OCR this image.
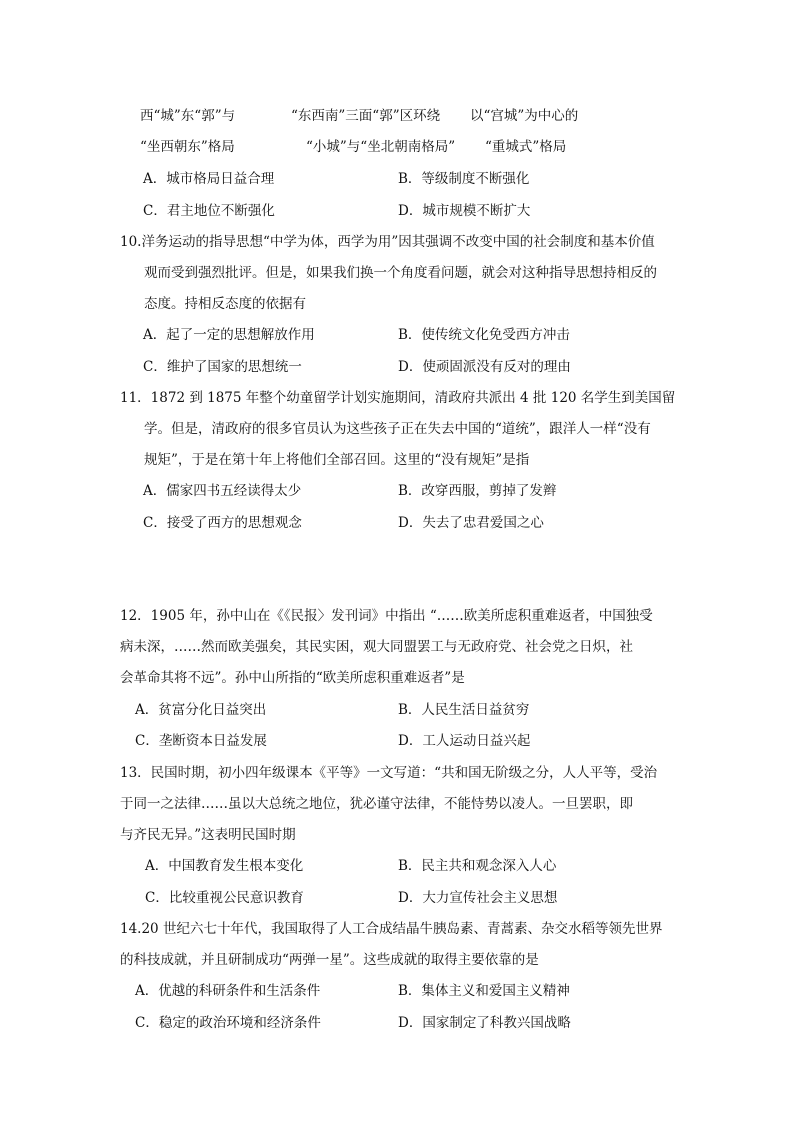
西“城”东“郭”与	“东西南”三面“郭”区环绕 以“宫城”为中心的
“坐西朝东”格局	“小城”与“坐北朝南格局” “重城式”格局
A．城市格局日益合理	B．等级制度不断强化
C．君主地位不断强化	D．城市规模不断扩大
10.洋务运动的指导思想“中学为体，西学为用”因其强调不改变中国的社会制度和基本价值
观而受到强烈批评。但是，如果我们换一个角度看问题，就会对这种指导思想持相反的
态度。持相反态度的依据有
A．起了一定的思想解放作用	B．使传统文化免受西方冲击
C．维护了国家的思想统一	D．使顽固派没有反对的理由
11．1872 到 1875 年整个幼童留学计划实施期间，清政府共派出 4 批 120 名学生到美国留
学。但是，清政府的很多官员认为这些孩子正在失去中国的“道统”，跟洋人一样“没有
规矩”，于是在第十年上将他们全部召回。这里的“没有规矩”是指
A．儒家四书五经读得太少	B．改穿西服，剪掉了发辫
C．接受了西方的思想观念	D．失去了忠君爱国之心
12．1905 年，孙中山在《《民报〉发刊词》中指出 “……欧美所虑积重难返者，中国独受
病未深，……然而欧美强矣，其民实困，观大同盟罢工与无政府党、社会党之日炽，社
会革命其将不远”。孙中山所指的“欧美所虑积重难返者”是
A．贫富分化日益突出	B．人民生活日益贫穷
C．垄断资本日益发展	D．工人运动日益兴起
13．民国时期，初小四年级课本《平等》一文写道：“共和国无阶级之分，人人平等，受治
于同一之法律……虽以大总统之地位，犹必谨守法律，不能恃势以凌人。一旦罢职，即
与齐民无异。”这表明民国时期
A．中国教育发生根本变化	B．民主共和观念深入人心
C．比较重视公民意识教育	D．大力宣传社会主义思想
14.20 世纪六七十年代，我国取得了人工合成结晶牛胰岛素、青蒿素、杂交水稻等领先世界
的科技成就，并且研制成功“两弹一星”。这些成就的取得主要依靠的是
A．优越的科研条件和生活条件	B．集体主义和爱国主义精神
C．稳定的政治环境和经济条件	D．国家制定了科教兴国战略
